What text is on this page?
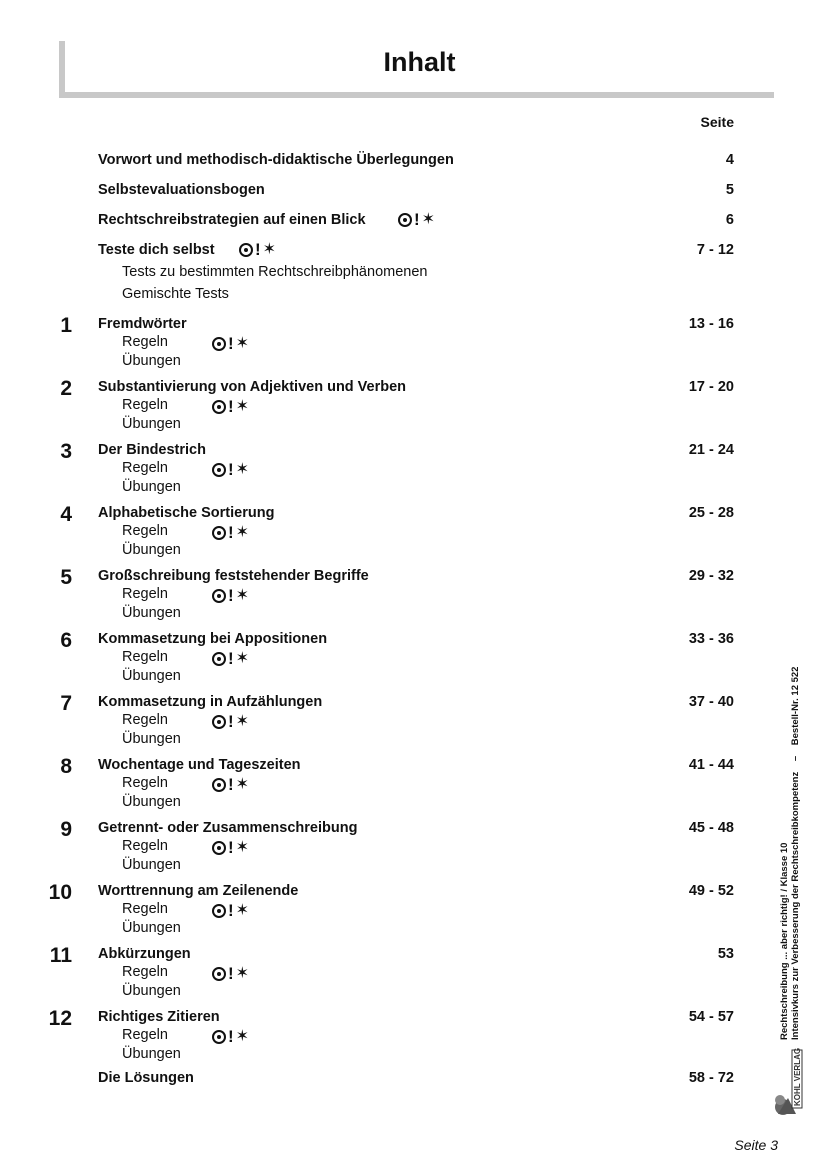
Inhalt
Seite
Vorwort und methodisch-didaktische Überlegungen	4
Selbstevaluationsbogen	5
Rechtschreibstrategien auf einen Blick	! ✶	6
Teste dich selbst ! ✶	7 - 12
Tests zu bestimmten Rechtschreibphänomenen
Gemischte Tests
1 Fremdwörter	13 - 16
Regeln	! ✶
Übungen
2 Substantivierung von Adjektiven und Verben	17 - 20
Regeln	! ✶
Übungen
3 Der Bindestrich	21 - 24
Regeln	! ✶
Übungen
4 Alphabetische Sortierung	25 - 28
Regeln	! ✶
Übungen
5 Großschreibung feststehender Begriffe	29 - 32
Regeln	! ✶
Übungen
6 Kommasetzung bei Appositionen	33 - 36
Regeln	! ✶
Übungen
7 Kommasetzung in Aufzählungen	37 - 40
Regeln	! ✶
Übungen
8 Wochentage und Tageszeiten	41 - 44
Regeln	! ✶
Übungen
9 Getrennt- oder Zusammenschreibung	45 - 48
Regeln	! ✶
Übungen
10 Worttrennung am Zeilenende	49 - 52
Regeln	! ✶
Übungen
11 Abkürzungen	53
Regeln	! ✶
Übungen
12 Richtiges Zitieren	54 - 57
Regeln	! ✶
Übungen
Die Lösungen	58 - 72
Rechtschreibung ... aber richtig! / Klasse 10 Intensivkurs zur Verbesserung der Rechtschreibkompetenz – Bestell-Nr. 12 522
KOHL VERLAG
Seite 3
